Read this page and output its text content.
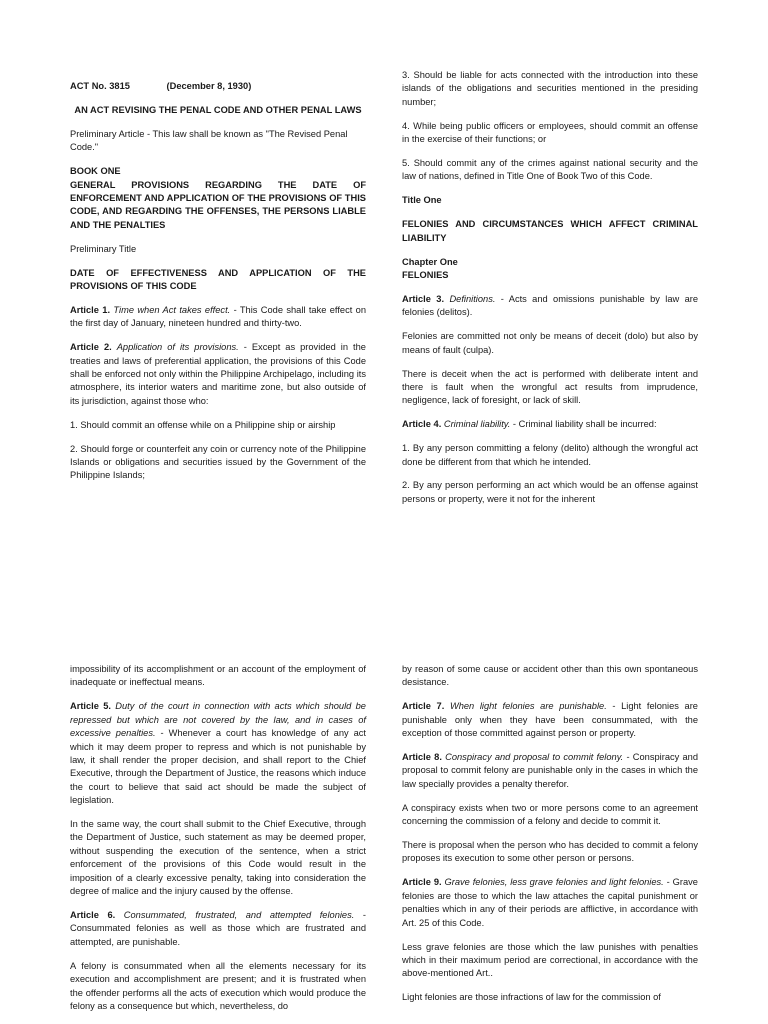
ACT No. 3815	(December 8, 1930)

AN ACT REVISING THE PENAL CODE AND OTHER PENAL LAWS

Preliminary Article - This law shall be known as "The Revised Penal Code."

BOOK ONE

GENERAL PROVISIONS REGARDING THE DATE OF ENFORCEMENT AND APPLICATION OF THE PROVISIONS OF THIS CODE, AND REGARDING THE OFFENSES, THE PERSONS LIABLE AND THE PENALTIES

Preliminary Title

DATE OF EFFECTIVENESS AND APPLICATION OF THE PROVISIONS OF THIS CODE

Article 1. Time when Act takes effect. - This Code shall take effect on the first day of January, nineteen hundred and thirty-two.

Article 2. Application of its provisions. - Except as provided in the treaties and laws of preferential application, the provisions of this Code shall be enforced not only within the Philippine Archipelago, including its atmosphere, its interior waters and maritime zone, but also outside of its jurisdiction, against those who:

1. Should commit an offense while on a Philippine ship or airship

2. Should forge or counterfeit any coin or currency note of the Philippine Islands or obligations and securities issued by the Government of the Philippine Islands;

3. Should be liable for acts connected with the introduction into these islands of the obligations and securities mentioned in the presiding number;

4. While being public officers or employees, should commit an offense in the exercise of their functions; or

5. Should commit any of the crimes against national security and the law of nations, defined in Title One of Book Two of this Code.

Title One

FELONIES AND CIRCUMSTANCES WHICH AFFECT CRIMINAL LIABILITY

Chapter One

FELONIES

Article 3. Definitions. - Acts and omissions punishable by law are felonies (delitos).

Felonies are committed not only be means of deceit (dolo) but also by means of fault (culpa).

There is deceit when the act is performed with deliberate intent and there is fault when the wrongful act results from imprudence, negligence, lack of foresight, or lack of skill.

Article 4. Criminal liability. - Criminal liability shall be incurred:

1. By any person committing a felony (delito) although the wrongful act done be different from that which he intended.

2. By any person performing an act which would be an offense against persons or property, were it not for the inherent

impossibility of its accomplishment or an account of the employment of inadequate or ineffectual means.

Article 5. Duty of the court in connection with acts which should be repressed but which are not covered by the law, and in cases of excessive penalties. - Whenever a court has knowledge of any act which it may deem proper to repress and which is not punishable by law, it shall render the proper decision, and shall report to the Chief Executive, through the Department of Justice, the reasons which induce the court to believe that said act should be made the subject of legislation.

In the same way, the court shall submit to the Chief Executive, through the Department of Justice, such statement as may be deemed proper, without suspending the execution of the sentence, when a strict enforcement of the provisions of this Code would result in the imposition of a clearly excessive penalty, taking into consideration the degree of malice and the injury caused by the offense.

Article 6. Consummated, frustrated, and attempted felonies. - Consummated felonies as well as those which are frustrated and attempted, are punishable.

A felony is consummated when all the elements necessary for its execution and accomplishment are present; and it is frustrated when the offender performs all the acts of execution which would produce the felony as a consequence but which, nevertheless, do

by reason of some cause or accident other than this own spontaneous desistance.

Article 7. When light felonies are punishable. - Light felonies are punishable only when they have been consummated, with the exception of those committed against person or property.

Article 8. Conspiracy and proposal to commit felony. - Conspiracy and proposal to commit felony are punishable only in the cases in which the law specially provides a penalty therefor.

A conspiracy exists when two or more persons come to an agreement concerning the commission of a felony and decide to commit it.

There is proposal when the person who has decided to commit a felony proposes its execution to some other person or persons.

Article 9. Grave felonies, less grave felonies and light felonies. - Grave felonies are those to which the law attaches the capital punishment or penalties which in any of their periods are afflictive, in accordance with Art. 25 of this Code.

Less grave felonies are those which the law punishes with penalties which in their maximum period are correctional, in accordance with the above-mentioned Art..

Light felonies are those infractions of law for the commission of
